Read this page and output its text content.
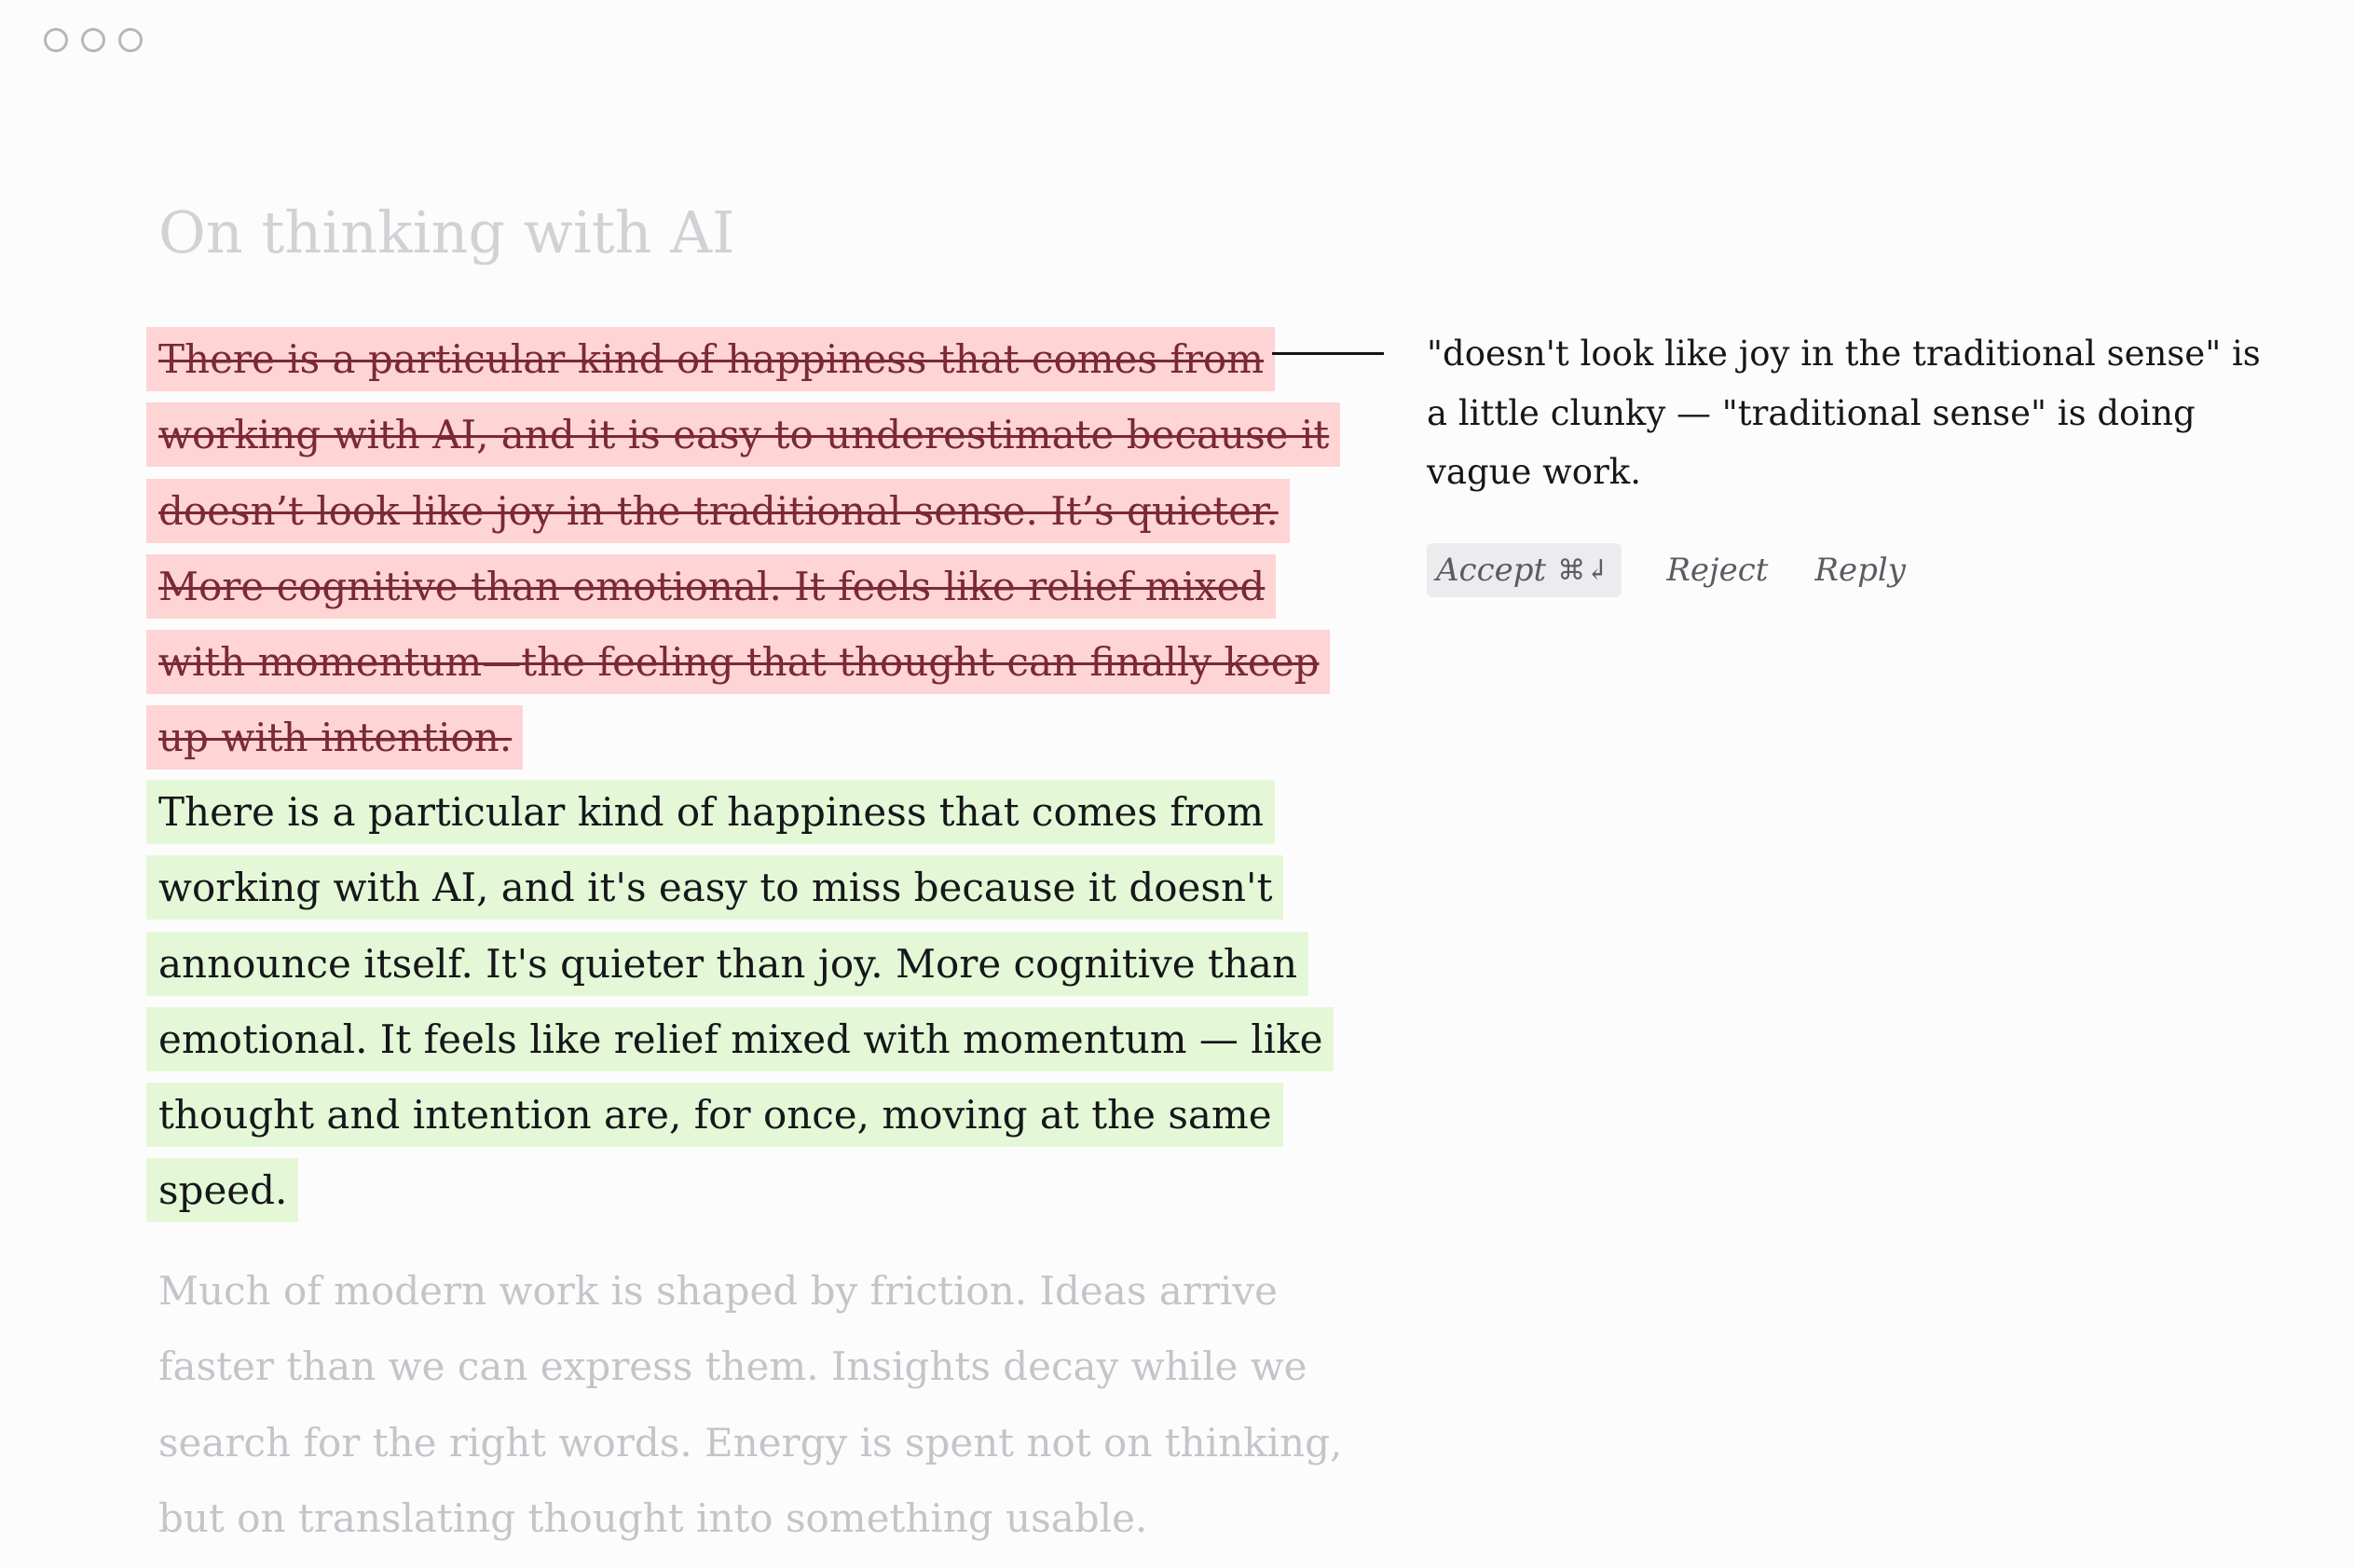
On thinking with AI
There is a particular kind of happiness that comes from
working with AI, and it is easy to underestimate because it
doesn’t look like joy in the traditional sense. It’s quieter.
More cognitive than emotional. It feels like relief mixed
with momentum—the feeling that thought can finally keep
up with intention.
There is a particular kind of happiness that comes from
working with AI, and it's easy to miss because it doesn't
announce itself. It's quieter than joy. More cognitive than
emotional. It feels like relief mixed with momentum — like
thought and intention are, for once, moving at the same
speed.
Much of modern work is shaped by friction. Ideas arrive
faster than we can express them. Insights decay while we
search for the right words. Energy is spent not on thinking,
but on translating thought into something usable.
"doesn't look like joy in the traditional sense" is
a little clunky — "traditional sense" is doing
vague work.
Accept ⌘↲ Reject Reply
